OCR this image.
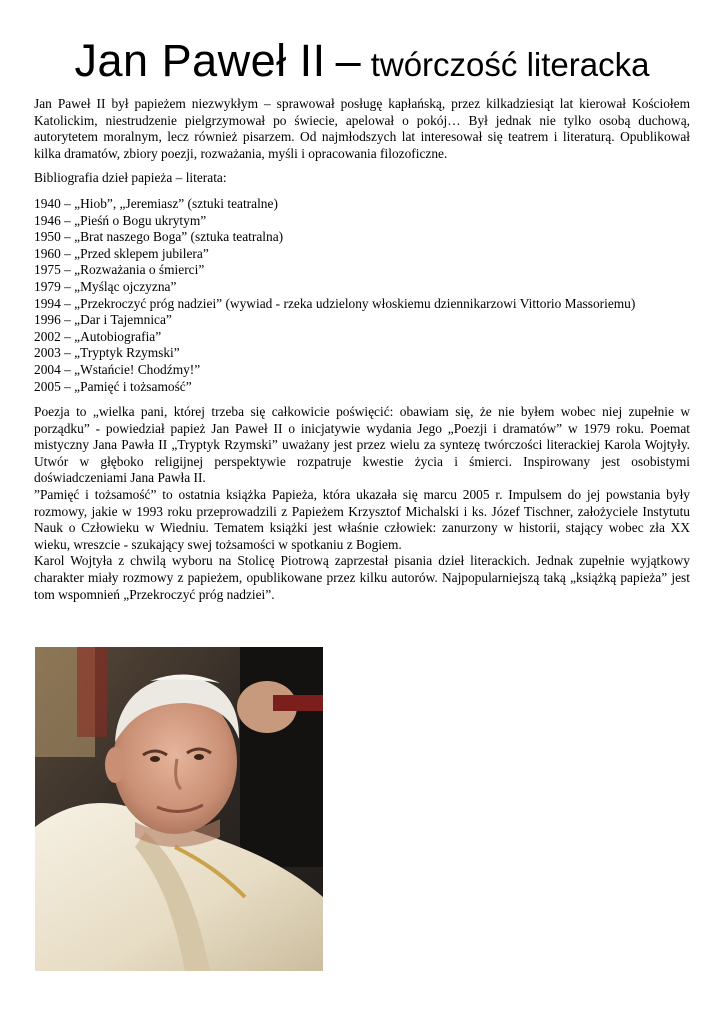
Jan Paweł II – twórczość literacka

Jan Paweł II był papieżem niezwykłym – sprawował posługę kapłańską, przez kilkadziesiąt lat kierował Kościołem Katolickim, niestrudzenie pielgrzymował po świecie, apelował o pokój… Był jednak nie tylko osobą duchową, autorytetem moralnym, lecz również pisarzem. Od najmłodszych lat interesował się teatrem i literaturą. Opublikował kilka dramatów, zbiory poezji, rozważania, myśli i opracowania filozoficzne.

Bibliografia dzieł papieża – literata:

1940 – „Hiob”, „Jeremiasz” (sztuki teatralne)
1946 – „Pieśń o Bogu ukrytym”
1950 – „Brat naszego Boga” (sztuka teatralna)
1960 – „Przed sklepem jubilera”
1975 – „Rozważania o śmierci”
1979 – „Myśląc ojczyzna”
1994 – „Przekroczyć próg nadziei” (wywiad - rzeka udzielony włoskiemu dziennikarzowi Vittorio Massoriemu)
1996 – „Dar i Tajemnica”
2002 – „Autobiografia”
2003 – „Tryptyk Rzymski”
2004 – „Wstańcie! Chodźmy!”
2005 – „Pamięć i tożsamość”

Poezja to „wielka pani, której trzeba się całkowicie poświęcić: obawiam się, że nie byłem wobec niej zupełnie w porządku” - powiedział papież Jan Paweł II o inicjatywie wydania Jego „Poezji i dramatów” w 1979 roku. Poemat mistyczny Jana Pawła II „Tryptyk Rzymski” uważany jest przez wielu za syntezę twórczości literackiej Karola Wojtyły. Utwór w głęboko religijnej perspektywie rozpatruje kwestie życia i śmierci. Inspirowany jest osobistymi doświadczeniami Jana Pawła II.

”Pamięć i tożsamość” to ostatnia książka Papieża, która ukazała się marcu 2005 r. Impulsem do jej powstania były rozmowy, jakie w 1993 roku przeprowadzili z Papieżem Krzysztof Michalski i ks. Józef Tischner, założyciele Instytutu Nauk o Człowieku w Wiedniu. Tematem książki jest właśnie człowiek: zanurzony w historii, stający wobec zła XX wieku, wreszcie - szukający swej tożsamości w spotkaniu z Bogiem.

Karol Wojtyła z chwilą wyboru na Stolicę Piotrową zaprzestał pisania dzieł literackich. Jednak zupełnie wyjątkowy charakter miały rozmowy z papieżem, opublikowane przez kilku autorów. Najpopularniejszą taką „książką papieża” jest tom wspomnień „Przekroczyć próg nadziei”.
